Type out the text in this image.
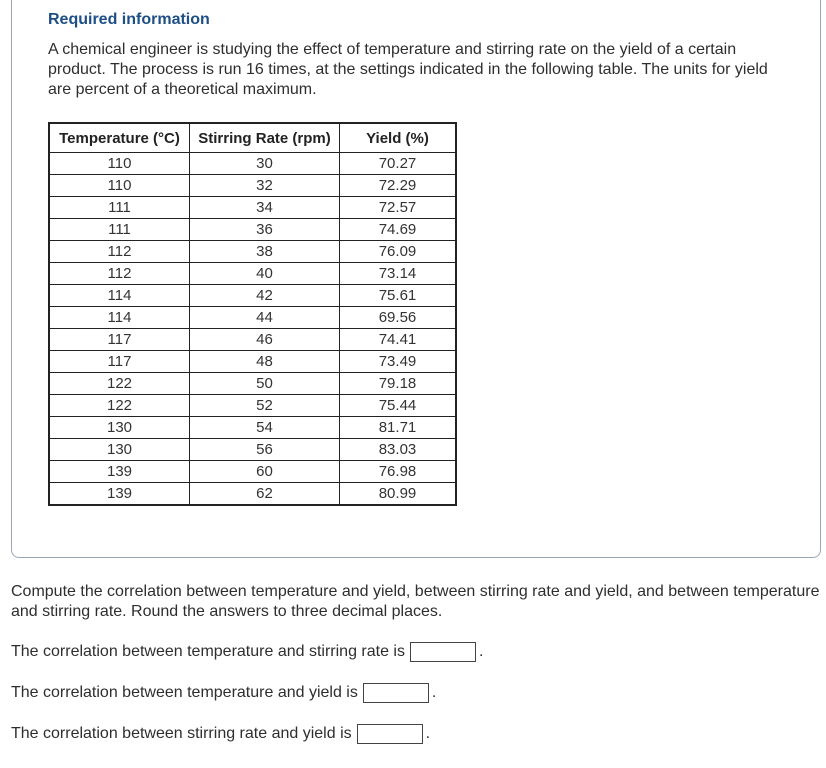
Required information
A chemical engineer is studying the effect of temperature and stirring rate on the yield of a certain product. The process is run 16 times, at the settings indicated in the following table. The units for yield are percent of a theoretical maximum.
Temperature (°C)	Stirring Rate (rpm)	Yield (%)
110	30	70.27
110	32	72.29
111	34	72.57
111	36	74.69
112	38	76.09
112	40	73.14
114	42	75.61
114	44	69.56
117	46	74.41
117	48	73.49
122	50	79.18
122	52	75.44
130	54	81.71
130	56	83.03
139	60	76.98
139	62	80.99
Compute the correlation between temperature and yield, between stirring rate and yield, and between temperature and stirring rate. Round the answers to three decimal places.
The correlation between temperature and stirring rate is	.
The correlation between temperature and yield is	.
The correlation between stirring rate and yield is	.
